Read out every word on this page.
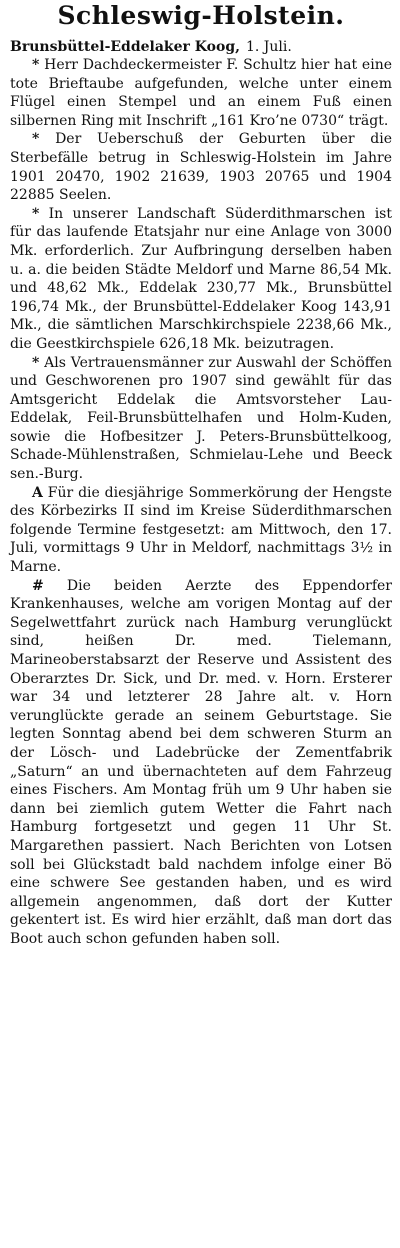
Schleswig-Holstein.
Brunsbüttel-Eddelaker Koog, 1. Juli.

* Herr Dachdeckermeister F. Schultz hier hat eine tote Brieftaube aufgefunden, welche unter einem Flügel einen Stempel und an einem Fuß einen silbernen Ring mit Inschrift „161 Kro’ne 0730“ trägt.

* Der Ueberschuß der Geburten über die Sterbefälle betrug in Schleswig-Holstein im Jahre 1901 20470, 1902 21639, 1903 20765 und 1904 22885 Seelen.

* In unserer Landschaft Süderdithmarschen ist für das laufende Etatsjahr nur eine Anlage von 3000 Mk. erforderlich. Zur Aufbringung derselben haben u. a. die beiden Städte Meldorf und Marne 86,54 Mk. und 48,62 Mk., Eddelak 230,77 Mk., Brunsbüttel 196,74 Mk., der Brunsbüttel-Eddelaker Koog 143,91 Mk., die sämtlichen Marschkirchspiele 2238,66 Mk., die Geestkirchspiele 626,18 Mk. beizutragen.

* Als Vertrauensmänner zur Auswahl der Schöffen und Geschworenen pro 1907 sind gewählt für das Amtsgericht Eddelak die Amtsvorsteher Lau-Eddelak, Feil-Brunsbüttelhafen und Holm-Kuden, sowie die Hofbesitzer J. Peters-Brunsbüttelkoog, Schade-Mühlenstraßen, Schmielau-Lehe und Beeck sen.-Burg.

A Für die diesjährige Sommerkörung der Hengste des Körbezirks II sind im Kreise Süderdithmarschen folgende Termine festgesetzt: am Mittwoch, den 17. Juli, vormittags 9 Uhr in Meldorf, nachmittags 3½ in Marne.

# Die beiden Aerzte des Eppendorfer Krankenhauses, welche am vorigen Montag auf der Segelwettfahrt zurück nach Hamburg verunglückt sind, heißen Dr. med. Tielemann, Marineoberstabsarzt der Reserve und Assistent des Oberarztes Dr. Sick, und Dr. med. v. Horn. Ersterer war 34 und letzterer 28 Jahre alt. v. Horn verunglückte gerade an seinem Geburtstage. Sie legten Sonntag abend bei dem schweren Sturm an der Lösch- und Ladebrücke der Zementfabrik „Saturn“ an und übernachteten auf dem Fahrzeug eines Fischers. Am Montag früh um 9 Uhr haben sie dann bei ziemlich gutem Wetter die Fahrt nach Hamburg fortgesetzt und gegen 11 Uhr St. Margarethen passiert. Nach Berichten von Lotsen soll bei Glückstadt bald nachdem infolge einer Bö eine schwere See gestanden haben, und es wird allgemein angenommen, daß dort der Kutter gekentert ist. Es wird hier erzählt, daß man dort das Boot auch schon gefunden haben soll.
